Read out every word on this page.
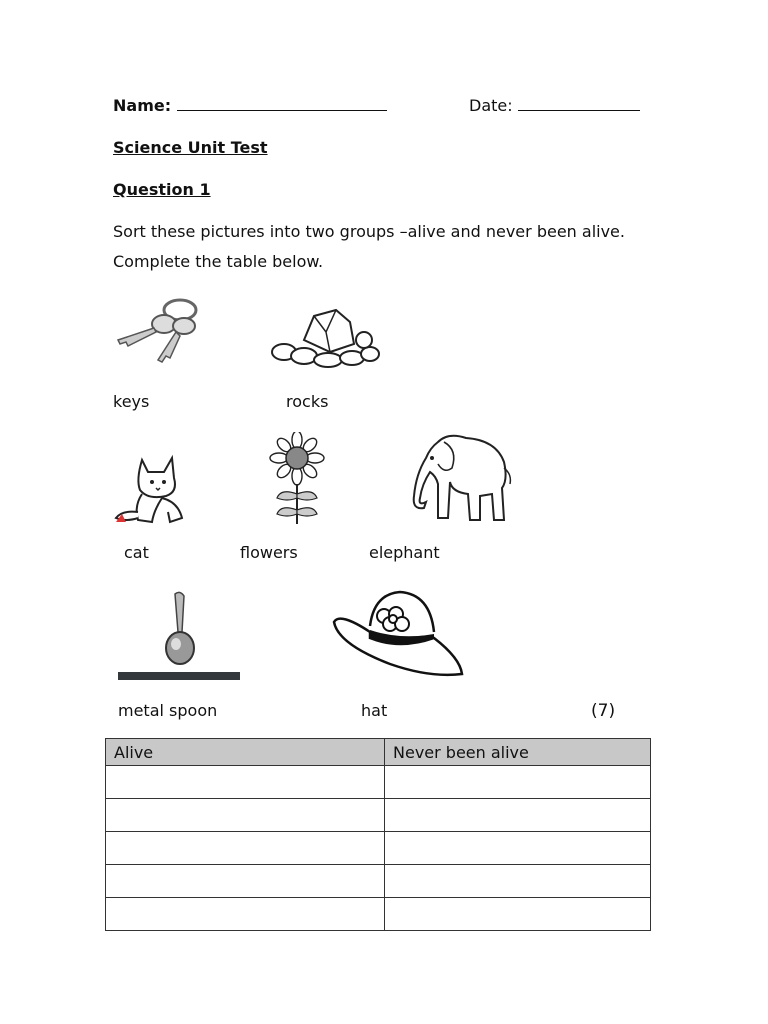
Name:	Date:
Science Unit Test
Question 1
Sort these pictures into two groups –alive and never been alive.
Complete the table below.
keys	rocks
cat	flowers	elephant
metal spoon	hat	(7)
Alive	Never been alive
